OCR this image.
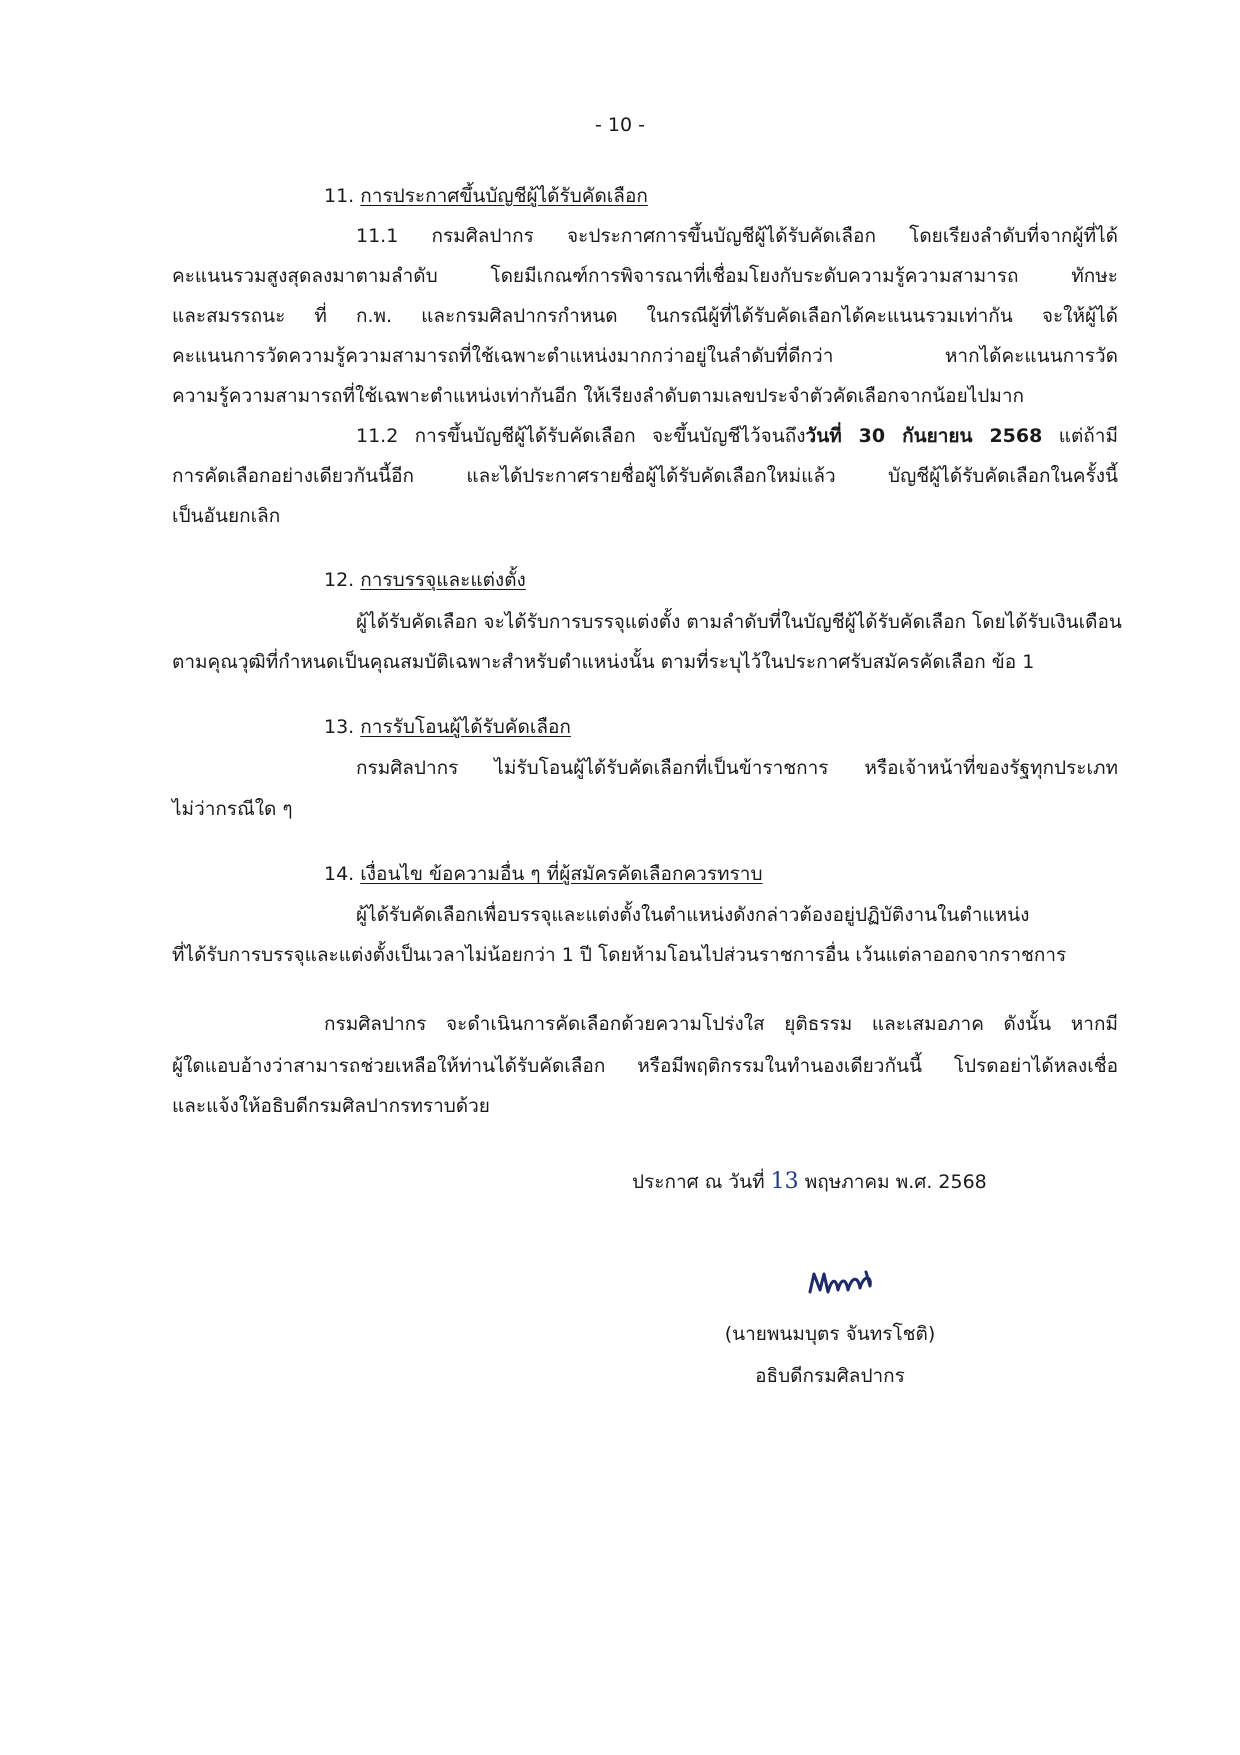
- 10 -
11. การประกาศขึ้นบัญชีผู้ได้รับคัดเลือก
11.1 กรมศิลปากร จะประกาศการขึ้นบัญชีผู้ได้รับคัดเลือก โดยเรียงลำดับที่จากผู้ที่ได้
คะแนนรวมสูงสุดลงมาตามลำดับ โดยมีเกณฑ์การพิจารณาที่เชื่อมโยงกับระดับความรู้ความสามารถ ทักษะ
และสมรรถนะ ที่ ก.พ. และกรมศิลปากรกำหนด ในกรณีผู้ที่ได้รับคัดเลือกได้คะแนนรวมเท่ากัน จะให้ผู้ได้
คะแนนการวัดความรู้ความสามารถที่ใช้เฉพาะตำแหน่งมากกว่าอยู่ในลำดับที่ดีกว่า หากได้คะแนนการวัด
ความรู้ความสามารถที่ใช้เฉพาะตำแหน่งเท่ากันอีก ให้เรียงลำดับตามเลขประจำตัวคัดเลือกจากน้อยไปมาก
11.2 การขึ้นบัญชีผู้ได้รับคัดเลือก จะขึ้นบัญชีไว้จนถึงวันที่ 30 กันยายน 2568 แต่ถ้ามี
การคัดเลือกอย่างเดียวกันนี้อีก และได้ประกาศรายชื่อผู้ได้รับคัดเลือกใหม่แล้ว บัญชีผู้ได้รับคัดเลือกในครั้งนี้
เป็นอันยกเลิก
12. การบรรจุและแต่งตั้ง
ผู้ได้รับคัดเลือก จะได้รับการบรรจุแต่งตั้ง ตามลำดับที่ในบัญชีผู้ได้รับคัดเลือก โดยได้รับเงินเดือน
ตามคุณวุฒิที่กำหนดเป็นคุณสมบัติเฉพาะสำหรับตำแหน่งนั้น ตามที่ระบุไว้ในประกาศรับสมัครคัดเลือก ข้อ 1
13. การรับโอนผู้ได้รับคัดเลือก
กรมศิลปากร ไม่รับโอนผู้ได้รับคัดเลือกที่เป็นข้าราชการ หรือเจ้าหน้าที่ของรัฐทุกประเภท
ไม่ว่ากรณีใด ๆ
14. เงื่อนไข ข้อความอื่น ๆ ที่ผู้สมัครคัดเลือกควรทราบ
ผู้ได้รับคัดเลือกเพื่อบรรจุและแต่งตั้งในตำแหน่งดังกล่าวต้องอยู่ปฏิบัติงานในตำแหน่ง
ที่ได้รับการบรรจุและแต่งตั้งเป็นเวลาไม่น้อยกว่า 1 ปี โดยห้ามโอนไปส่วนราชการอื่น เว้นแต่ลาออกจากราชการ
กรมศิลปากร จะดำเนินการคัดเลือกด้วยความโปร่งใส ยุติธรรม และเสมอภาค ดังนั้น หากมี
ผู้ใดแอบอ้างว่าสามารถช่วยเหลือให้ท่านได้รับคัดเลือก หรือมีพฤติกรรมในทำนองเดียวกันนี้ โปรดอย่าได้หลงเชื่อ
และแจ้งให้อธิบดีกรมศิลปากรทราบด้วย
ประกาศ ณ วันที่ 13 พฤษภาคม พ.ศ. 2568
(นายพนมบุตร จันทรโชติ)
อธิบดีกรมศิลปากร
